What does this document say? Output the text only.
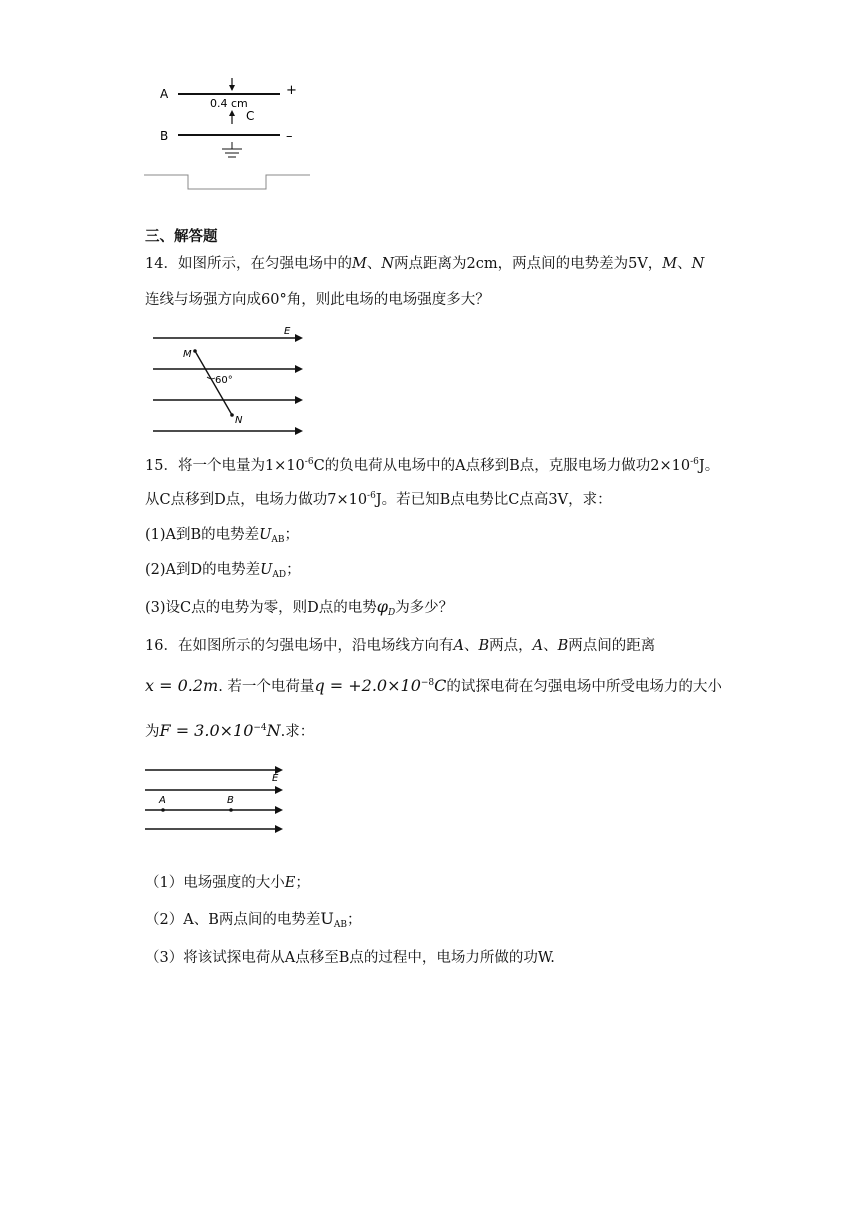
A	+
0.4 cm
C
B	–
三、解答题
14．如图所示，在匀强电场中的M、N两点距离为2cm，两点间的电势差为5V，M、N
连线与场强方向成60°角，则此电场的电场强度多大？
E
M
N
60°
15．将一个电量为$1\times 10^{-6}C$的负电荷从电场中的A点移到B点，克服电场力做功$2\times 10^{-6}J$。
从C点移到D点，电场力做功$7\times 10^{-6}J$。若已知B点电势比C点高3V，求：
(1)A到B的电势差$U_{AB}$；
(2)A到D的电势差$U_{AD}$；
(3)设C点的电势为零，则D点的电势$\varphi_D$为多少？
16．在如图所示的匀强电场中，沿电场线方向有A、B两点，A、B两点间的距离
x = 0.2m. 若一个电荷量$q = +2.0\times 10^{-8}C$的试探电荷在匀强电场中所受电场力的大小
为$F = 3.0\times 10^{-4}N$.求：
E
A	B
（1）电场强度的大小E；
（2）A、B两点间的电势差$U_{AB}$；
（3）将该试探电荷从A点移至B点的过程中，电场力所做的功W.
